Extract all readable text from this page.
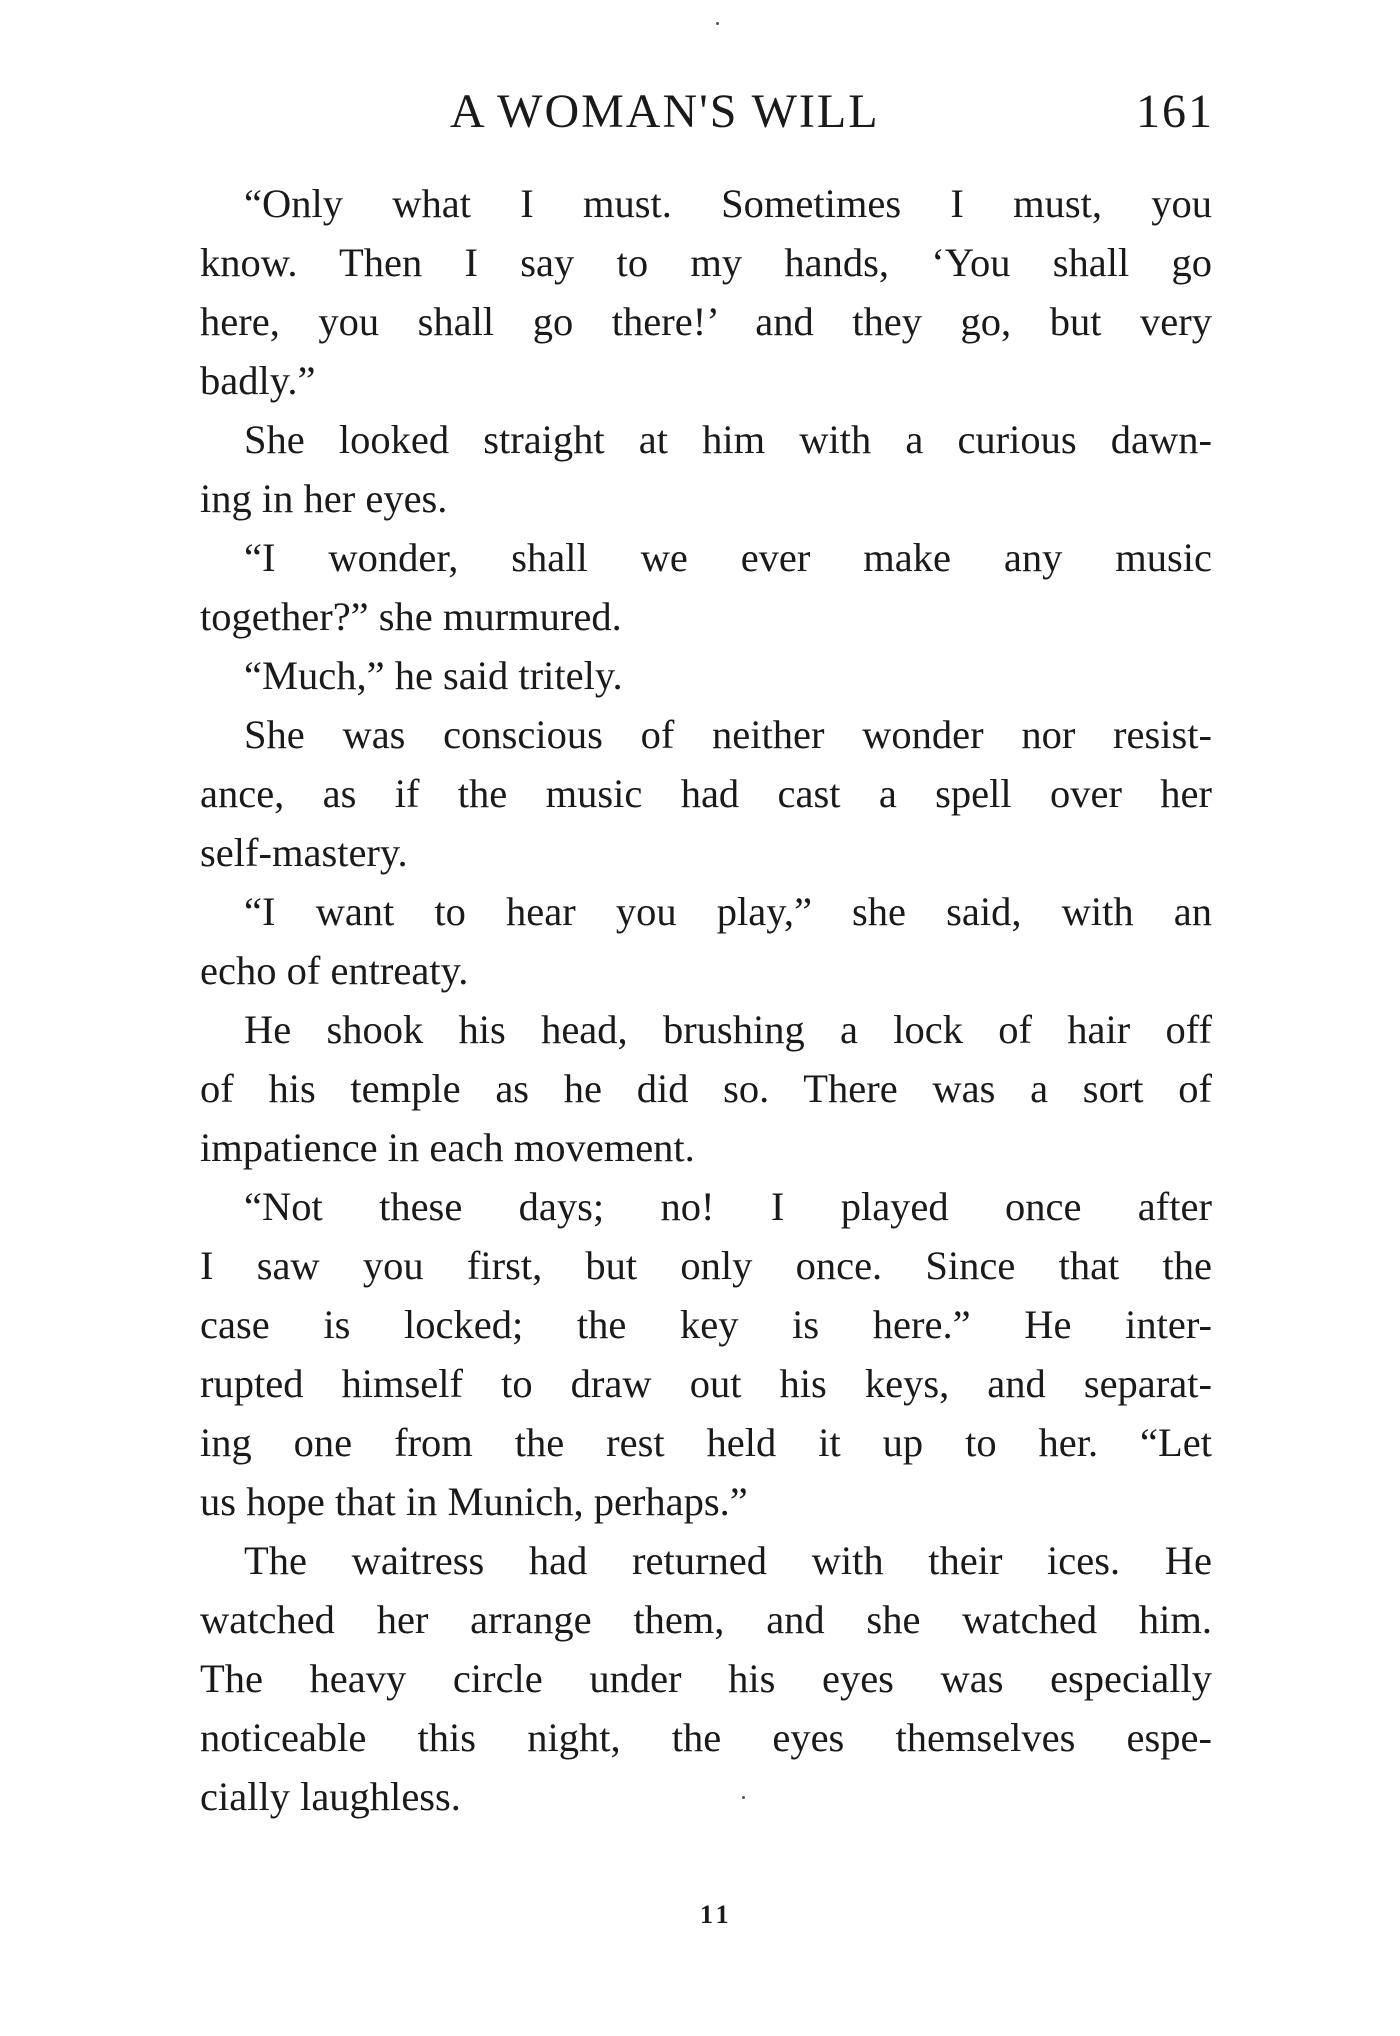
A WOMAN'S WILL	161
“Only what I must. Sometimes I must, you
know. Then I say to my hands, ‘You shall go
here, you shall go there!’ and they go, but very
badly.”
She looked straight at him with a curious dawn-
ing in her eyes.
“I wonder, shall we ever make any music
together?” she murmured.
“Much,” he said tritely.
She was conscious of neither wonder nor resist-
ance, as if the music had cast a spell over her
self-mastery.
“I want to hear you play,” she said, with an
echo of entreaty.
He shook his head, brushing a lock of hair off
of his temple as he did so. There was a sort of
impatience in each movement.
“Not these days; no! I played once after
I saw you first, but only once. Since that the
case is locked; the key is here.” He inter-
rupted himself to draw out his keys, and separat-
ing one from the rest held it up to her. “Let
us hope that in Munich, perhaps.”
The waitress had returned with their ices. He
watched her arrange them, and she watched him.
The heavy circle under his eyes was especially
noticeable this night, the eyes themselves espe-
cially laughless.
11
